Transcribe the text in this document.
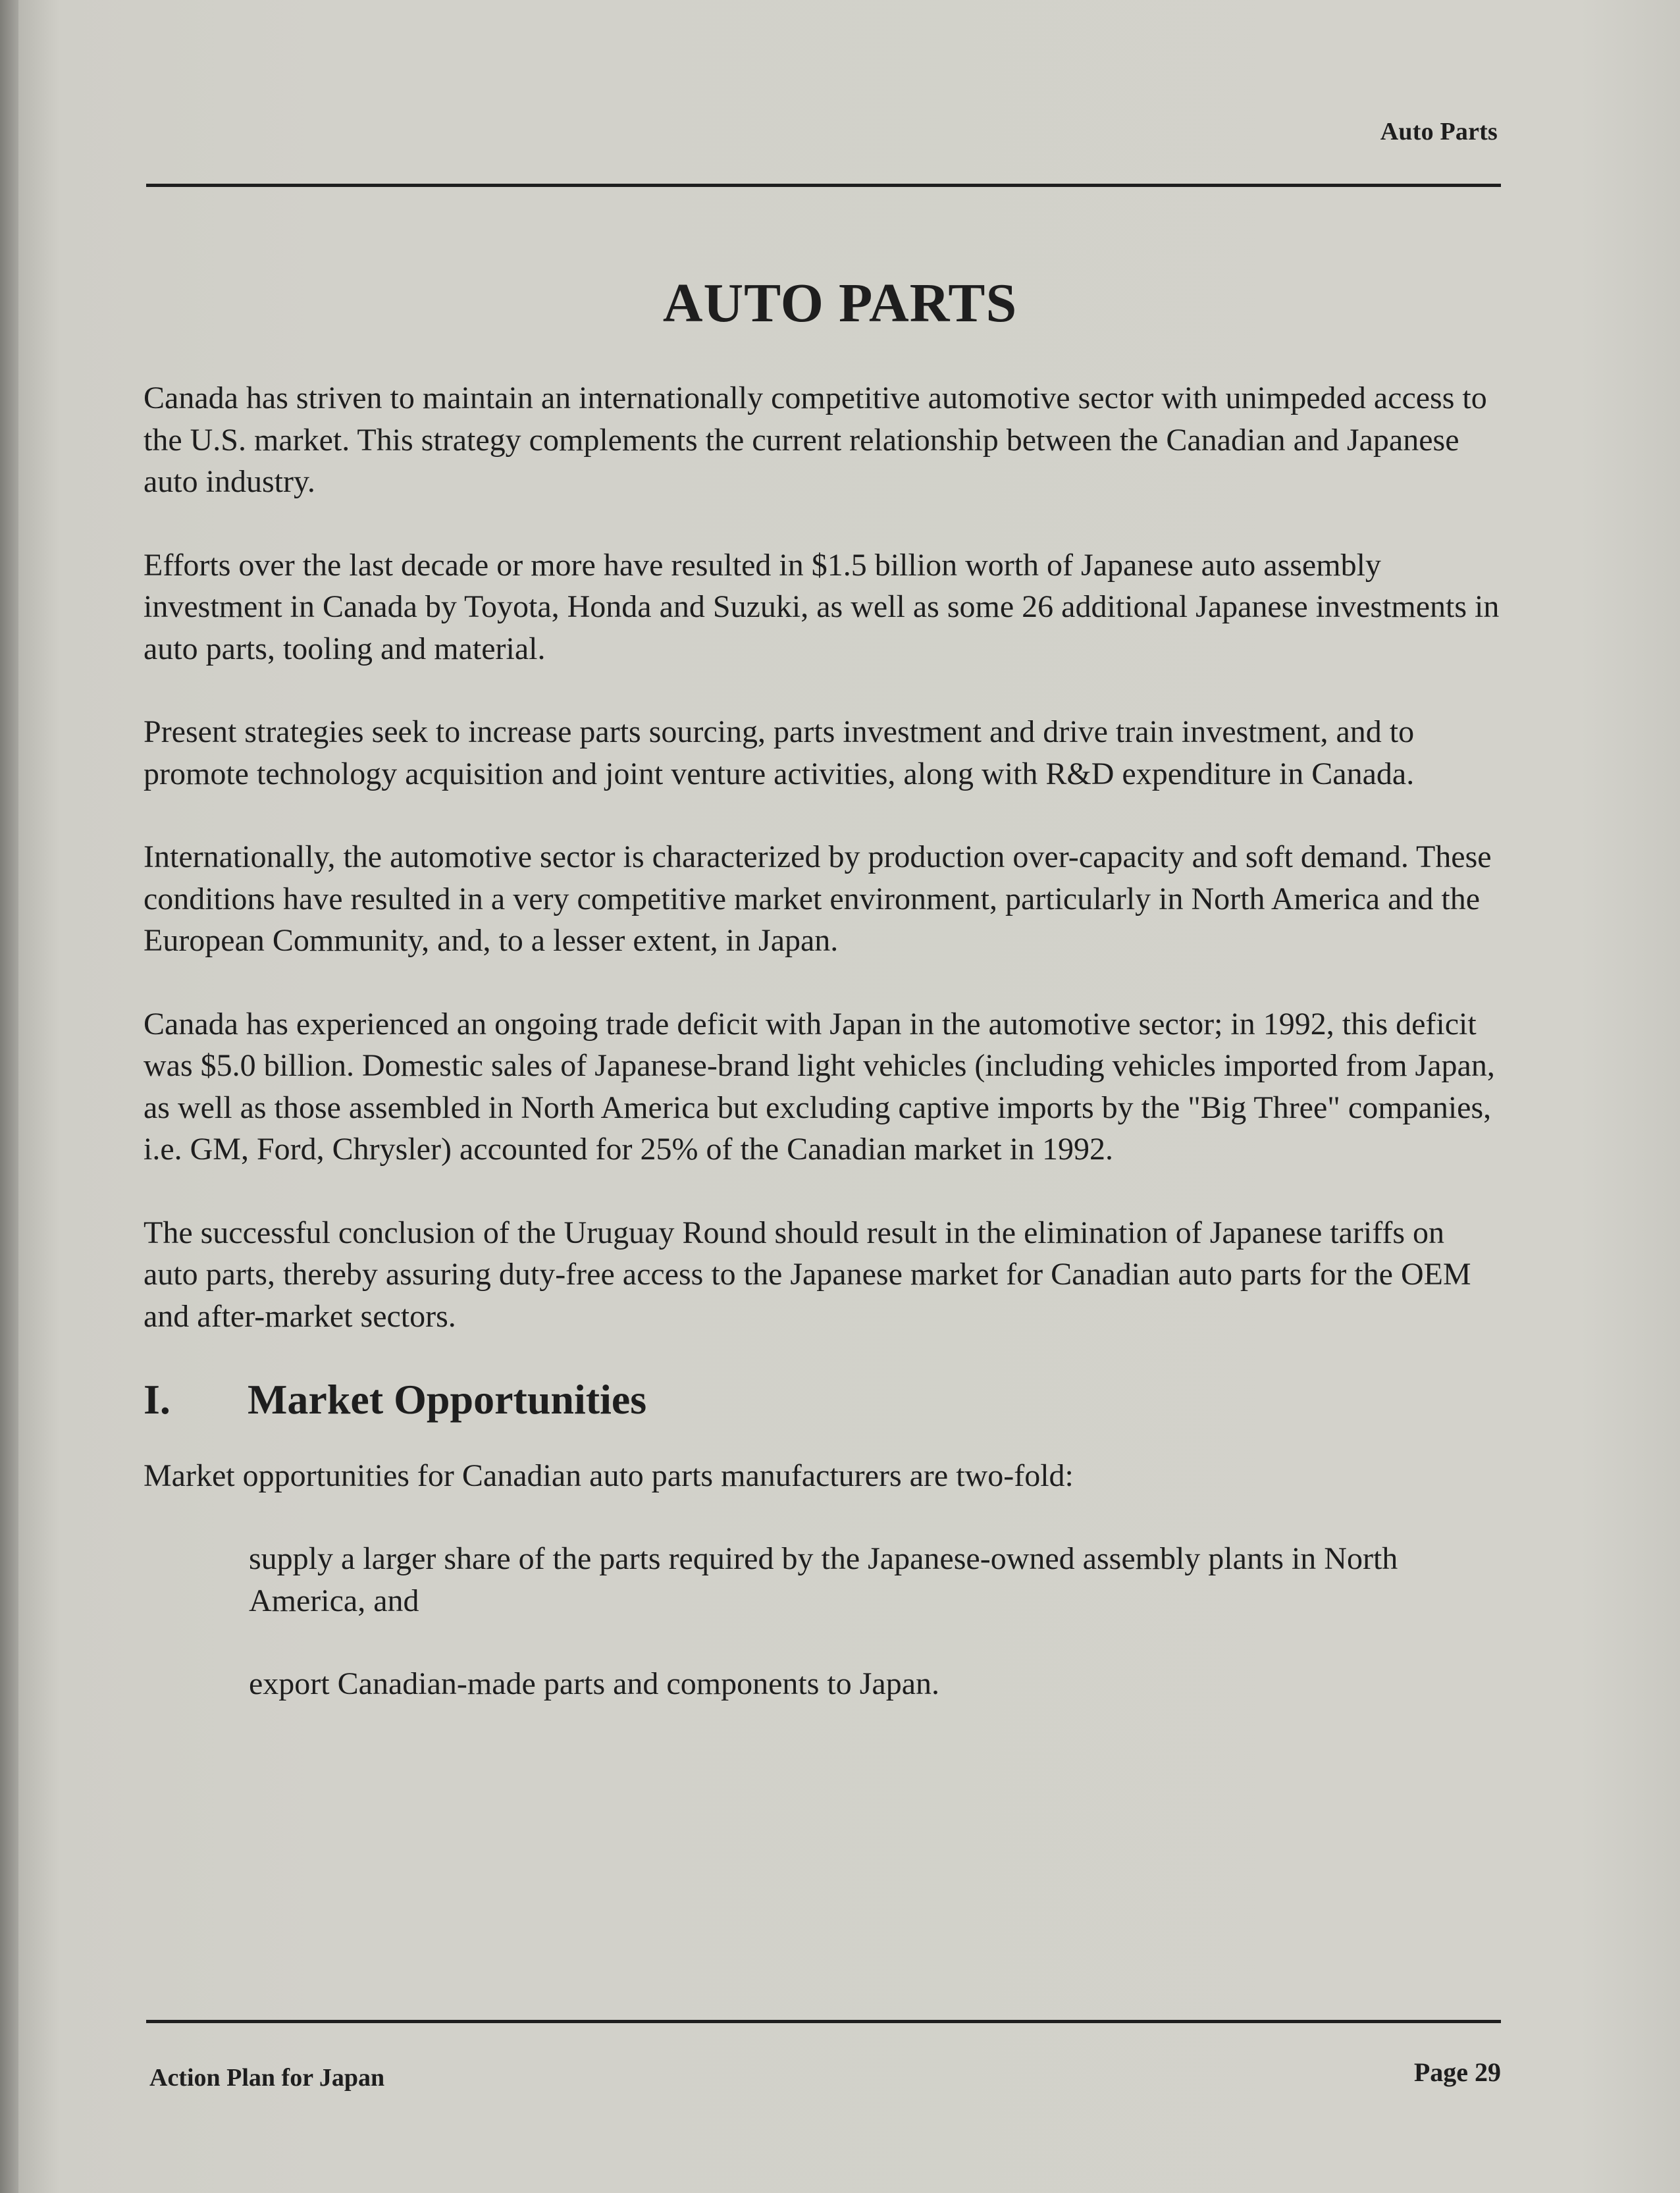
Auto Parts
AUTO PARTS

Canada has striven to maintain an internationally competitive automotive sector with unimpeded access to the U.S. market. This strategy complements the current relationship between the Canadian and Japanese auto industry.

Efforts over the last decade or more have resulted in $1.5 billion worth of Japanese auto assembly investment in Canada by Toyota, Honda and Suzuki, as well as some 26 additional Japanese investments in auto parts, tooling and material.

Present strategies seek to increase parts sourcing, parts investment and drive train investment, and to promote technology acquisition and joint venture activities, along with R&D expenditure in Canada.

Internationally, the automotive sector is characterized by production over-capacity and soft demand. These conditions have resulted in a very competitive market environment, particularly in North America and the European Community, and, to a lesser extent, in Japan.

Canada has experienced an ongoing trade deficit with Japan in the automotive sector; in 1992, this deficit was $5.0 billion. Domestic sales of Japanese-brand light vehicles (including vehicles imported from Japan, as well as those assembled in North America but excluding captive imports by the "Big Three" companies, i.e. GM, Ford, Chrysler) accounted for 25% of the Canadian market in 1992.

The successful conclusion of the Uruguay Round should result in the elimination of Japanese tariffs on auto parts, thereby assuring duty-free access to the Japanese market for Canadian auto parts for the OEM and after-market sectors.

I.	Market Opportunities

Market opportunities for Canadian auto parts manufacturers are two-fold:

supply a larger share of the parts required by the Japanese-owned assembly plants in North America, and

export Canadian-made parts and components to Japan.

Action Plan for Japan	Page 29
